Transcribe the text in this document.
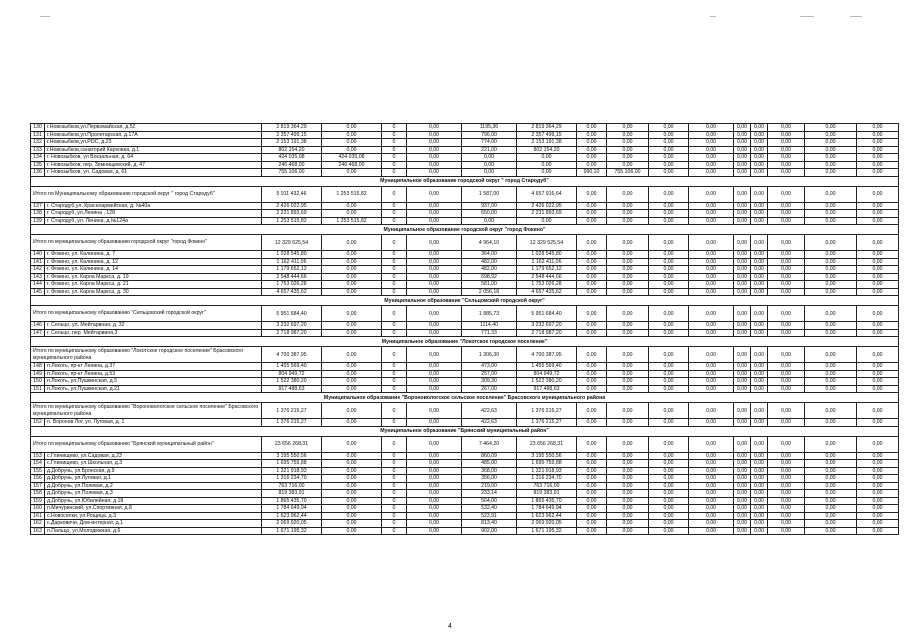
130	г.Новозыбков,ул.Первомайская, д.52	2 819 364,29	0,00	0	0,00	1195,36	2 819 364,29	0,00	0,00	0,00	0,00	0,00	0,00	0,00	0,00	0,00
131	г.Новозыбков,ул.Пролетарская, д.17А	2 357 499,15	0,00	0	0,00	796,00	2 357 499,15	0,00	0,00	0,00	0,00	0,00	0,00	0,00	0,00	0,00
132	г.Новозыбков,ул.РОС, д.23	2 153 191,38	0,00	0	0,00	774,00	2 153 191,38	0,00	0,00	0,00	0,00	0,00	0,00	0,00	0,00	0,00
133	г.Новозыбков,санаторий Карховка, д.1	802 154,20	0,00	0	0,00	221,00	802 154,20	0,00	0,00	0,00	0,00	0,00	0,00	0,00	0,00	0,00
134	г. Новозыбков, ул Вокзальная, д. 64	424 035,08	424 035,08	0	0,00	0,00	0,00	0,00	0,00	0,00	0,00	0,00	0,00	0,00	0,00	0,00
135	г. Новозыбков, пер. Земнищевский, д. 47	246 468,00	246 468,00	0	0,00	0,00	0,00	0,00	0,00	0,00	0,00	0,00	0,00	0,00	0,00	0,00
136	г. Новозыбков, ул. Садовая, д. 61	755 106,00	0,00	0	0,00	0,00	0,00	990,10	755 106,00	0,00	0,00	0,00	0,00	0,00	0,00	0,00
Муниципальное образование городской округ " город Стародуб"																
Итого по Муниципальному образованию городской округ " город Стародуб"		5 911 432,46	1 253 515,82	0	0,00	1 587,00	4 657 916,64	0,00	0,00	0,00	0,00	0,00	0,00	0,00	0,00	0,00
137	г. Стародуб,ул. Красноармейская, д. №40а	2 426 022,95	0,00	0	0,00	937,00	2 426 022,95	0,00	0,00	0,00	0,00	0,00	0,00	0,00	0,00	0,00
138	г. Стародуб, ул.Ленина , 128	2 231 893,69	0,00	0	0,00	650,00	2 231 893,69	0,00	0,00	0,00	0,00	0,00	0,00	0,00	0,00	0,00
139	г. Стародуб, ул. Ленина, д.№124а	1 253 515,82	1 253 515,82	0	0,00	0,00	0,00	0,00	0,00	0,00	0,00	0,00	0,00	0,00	0,00	0,00
Муниципальное образование городской округ "город Фокино"																
Итого по муниципальному образованию городской округ "город Фокино"		12 329 525,54	0,00	0	0,00	4 964,10	12 329 525,54	0,00	0,00	0,00	0,00	0,00	0,00	0,00	0,00	0,00
140	г. Фокино, ул. Калинина, д. 7	1 028 545,80	0,00	0	0,00	364,00	1 028 545,80	0,00	0,00	0,00	0,00	0,00	0,00	0,00	0,00	0,00
141	г. Фокино, ул. Калинина, д. 12	1 162 411,06	0,00	0	0,00	482,00	1 162 411,06	0,00	0,00	0,00	0,00	0,00	0,00	0,00	0,00	0,00
142	г. Фокино, ул. Калинина, д. 14	1 179 652,12	0,00	0	0,00	482,00	1 179 652,12	0,00	0,00	0,00	0,00	0,00	0,00	0,00	0,00	0,00
143	г. Фокино, ул. Карла Маркса, д. 19	2 548 444,66	0,00	0	0,00	598,92	2 548 444,66	0,00	0,00	0,00	0,00	0,00	0,00	0,00	0,00	0,00
144	г. Фокино, ул. Карла Маркса, д. 21	1 753 026,28	0,00	0	0,00	581,00	1 753 026,28	0,00	0,00	0,00	0,00	0,00	0,00	0,00	0,00	0,00
145	г. Фокино, ул. Карла Маркса, д. 30	4 657 435,62	0,00	0	0,00	2 056,18	4 657 435,62	0,00	0,00	0,00	0,00	0,00	0,00	0,00	0,00	0,00
Муниципальное образование "Сельцовский городской округ"																
Итого по муниципальному образованию "Сельцовский городской округ"		5 951 684,40	0,00	0	0,00	1 885,73	5 951 684,40	0,00	0,00	0,00	0,00	0,00	0,00	0,00	0,00	0,00
146	г. Сельцо, ул. Мейтарвная, д. 32	3 232 697,20	0,00	0	0,00	1114,40	3 232 697,20	0,00	0,00	0,00	0,00	0,00	0,00	0,00	0,00	0,00
147	г. Сельцо, пер. Мейтарвиня,3	2 718 987,20	0,00	0	0,00	771,33	2 718 987,20	0,00	0,00	0,00	0,00	0,00	0,00	0,00	0,00	0,00
Муниципальное образование "Локотское городское поселение"																
Итого по муниципальному образованию "Локотское городское поселение" Брасовского муниципального района		4 700 387,95	0,00	0	0,00	1 306,30	4 700 387,95	0,00	0,00	0,00	0,00	0,00	0,00	0,00	0,00	0,00
148	п.Локоть, пр-кт Ленина, д.37	1 455 569,40	0,00	0	0,00	473,00	1 455 569,40	0,00	0,00	0,00	0,00	0,00	0,00	0,00	0,00	0,00
149	п.Локоть, пр-кт Ленина, д.53	804 949,72	0,00	0	0,00	257,00	804 949,72	0,00	0,00	0,00	0,00	0,00	0,00	0,00	0,00	0,00
150	п.Локоть, ул.Пушкинская, д.5	1 522 380,20	0,00	0	0,00	309,30	1 522 380,20	0,00	0,00	0,00	0,00	0,00	0,00	0,00	0,00	0,00
151	п.Локоть, ул.Пушкинская, д.21	917 488,63	0,00	0	0,00	267,00	917 488,63	0,00	0,00	0,00	0,00	0,00	0,00	0,00	0,00	0,00
Муниципальное образование "Вороновологское сельское поселение" Брасовского муниципального района																
Итого по муниципальному образованию "Вороновологское сельское поселение" Брасовского муниципального района		1 376 215,27	0,00	0	0,00	422,63	1 376 215,27	0,00	0,00	0,00	0,00	0,00	0,00	0,00	0,00	0,00
152	п. Воронов Лог, ул. Луговая, д. 1	1 376 215,27	0,00	0	0,00	422,63	1 376 215,27	0,00	0,00	0,00	0,00	0,00	0,00	0,00	0,00	0,00
Муниципальное образование "Брянский муниципальный район"																
Итого по муниципальному образованию "Брянский муниципальный район"		23 656 268,31	0,00	0	0,00	7 464,20	23 656 268,31	0,00	0,00	0,00	0,00	0,00	0,00	0,00	0,00	0,00
153	с.Глинищево, ул.Садовая, д.23	3 195 550,56	0,00	0	0,00	860,09	3 195 550,56	0,00	0,00	0,00	0,00	0,00	0,00	0,00	0,00	0,00
154	с.Глинищево, ул.Школьная, д.3	1 695 759,88	0,00	0	0,00	485,00	1 695 759,88	0,00	0,00	0,00	0,00	0,00	0,00	0,00	0,00	0,00
155	д.Добрунь, ул.Брянская, д.9	1 321 918,93	0,00	0	0,00	368,00	1 321 918,93	0,00	0,00	0,00	0,00	0,00	0,00	0,00	0,00	0,00
156	д.Добрунь, ул.Луговая, д.1	1 316 234,70	0,00	0	0,00	356,00	1 316 234,70	0,00	0,00	0,00	0,00	0,00	0,00	0,00	0,00	0,00
157	д.Добрунь, ул.Полевая, д.2	763 716,00	0,00	0	0,00	219,00	763 716,00	0,00	0,00	0,00	0,00	0,00	0,00	0,00	0,00	0,00
158	д.Добрунь, ул.Полевая, д.3	819 383,91	0,00	0	0,00	233,14	819 383,91	0,00	0,00	0,00	0,00	0,00	0,00	0,00	0,00	0,00
159	д.Добрунь, ул.Юбилейная, д.18	1 865 435,70	0,00	0	0,00	564,00	1 865 435,70	0,00	0,00	0,00	0,00	0,00	0,00	0,00	0,00	0,00
160	п.Мичуринский, ул.Спортивная, д.8	1 784 649,94	0,00	0	0,00	532,40	1 784 649,94	0,00	0,00	0,00	0,00	0,00	0,00	0,00	0,00	0,00
161	с.Новоселки, ул.Рощица, д.3	1 623 962,44	0,00	0	0,00	523,91	1 623 962,44	0,00	0,00	0,00	0,00	0,00	0,00	0,00	0,00	0,00
162	с.Дарковичи, Дом-интернат, д.1	2 069 920,05	0,00	0	0,00	813,40	2 069 920,05	0,00	0,00	0,00	0,00	0,00	0,00	0,00	0,00	0,00
163	п.Пальцо, ул.Молодежная, д.6	1 671 195,32	0,00	0	0,00	902,00	1 671 195,32	0,00	0,00	0,00	0,00	0,00	0,00	0,00	0,00	0,00
4
